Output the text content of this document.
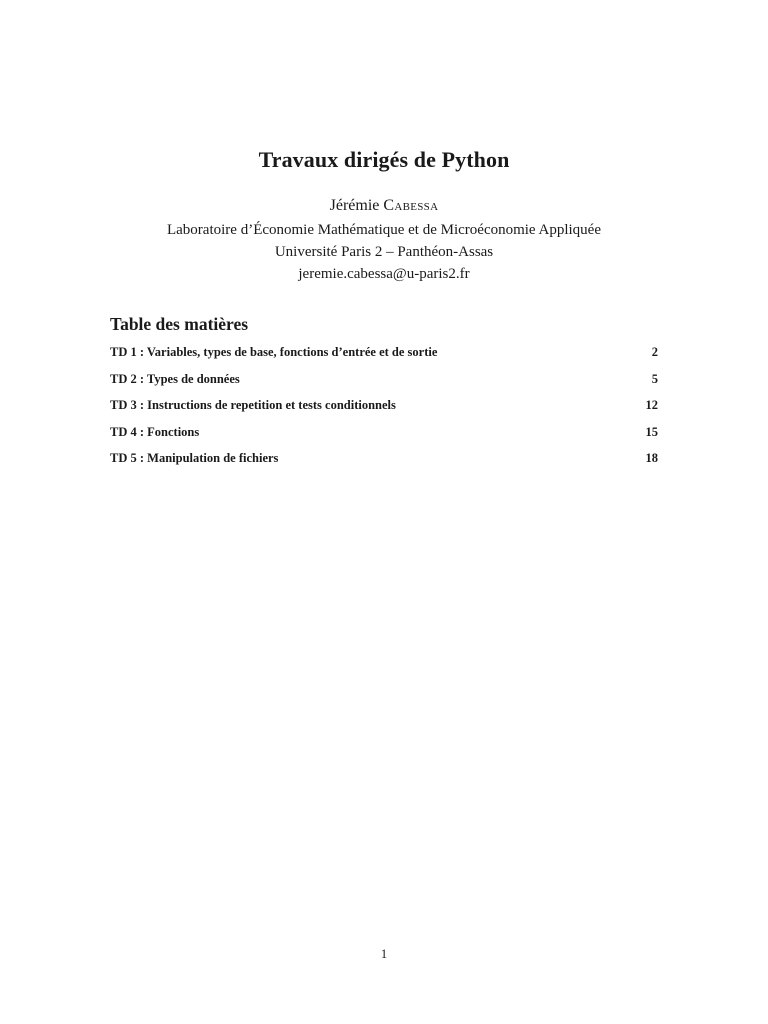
Travaux dirigés de Python
Jérémie Cabessa
Laboratoire d’Économie Mathématique et de Microéconomie Appliquée
Université Paris 2 – Panthéon-Assas
jeremie.cabessa@u-paris2.fr
Table des matières
TD 1 : Variables, types de base, fonctions d’entrée et de sortie	2
TD 2 : Types de données	5
TD 3 : Instructions de repetition et tests conditionnels	12
TD 4 : Fonctions	15
TD 5 : Manipulation de fichiers	18
1
